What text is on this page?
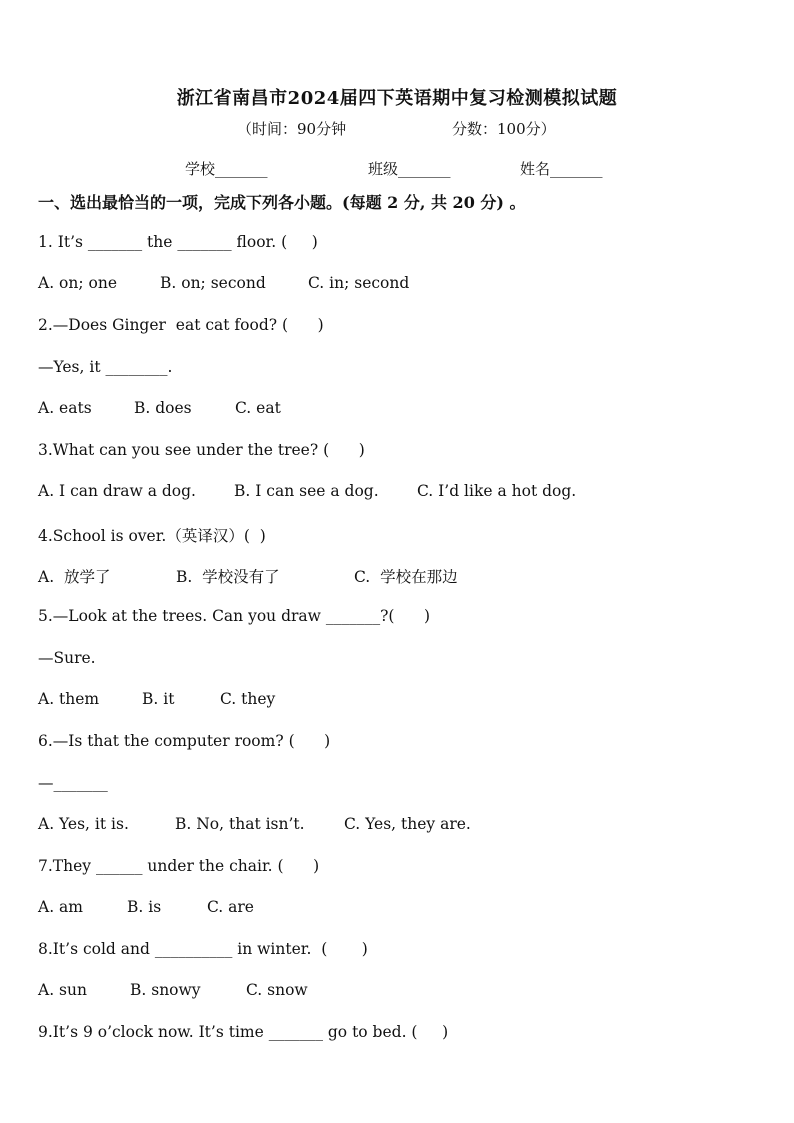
浙江省南昌市2024届四下英语期中复习检测模拟试题
（时间：90分钟	分数：100分）
学校_______	班级_______	姓名_______
一、选出最恰当的一项，完成下列各小题。(每题 2 分, 共 20 分) 。
1. It’s _______ the _______ floor. (     )
A. on; one	B. on; second	C. in; second
2.—Does Ginger  eat cat food? (      )
—Yes, it ________.
A. eats	B. does	C. eat
3.What can you see under the tree? (      )
A. I can draw a dog. B. I can see a dog. C. I’d like a hot dog.
4.School is over.（英译汉）(  )
A.  放学了	B.  学校没有了	C.  学校在那边
5.—Look at the trees. Can you draw _______?(      )
—Sure.
A. them	B. it	C. they
6.—Is that the computer room? (      )
—_______
A. Yes, it is.	B. No, that isn’t.	C. Yes, they are.
7.They ______ under the chair. (      )
A. am	B. is	C. are
8.It’s cold and __________ in winter.  (       )
A. sun	B. snowy	C. snow
9.It’s 9 o’clock now. It’s time _______ go to bed. (     )
